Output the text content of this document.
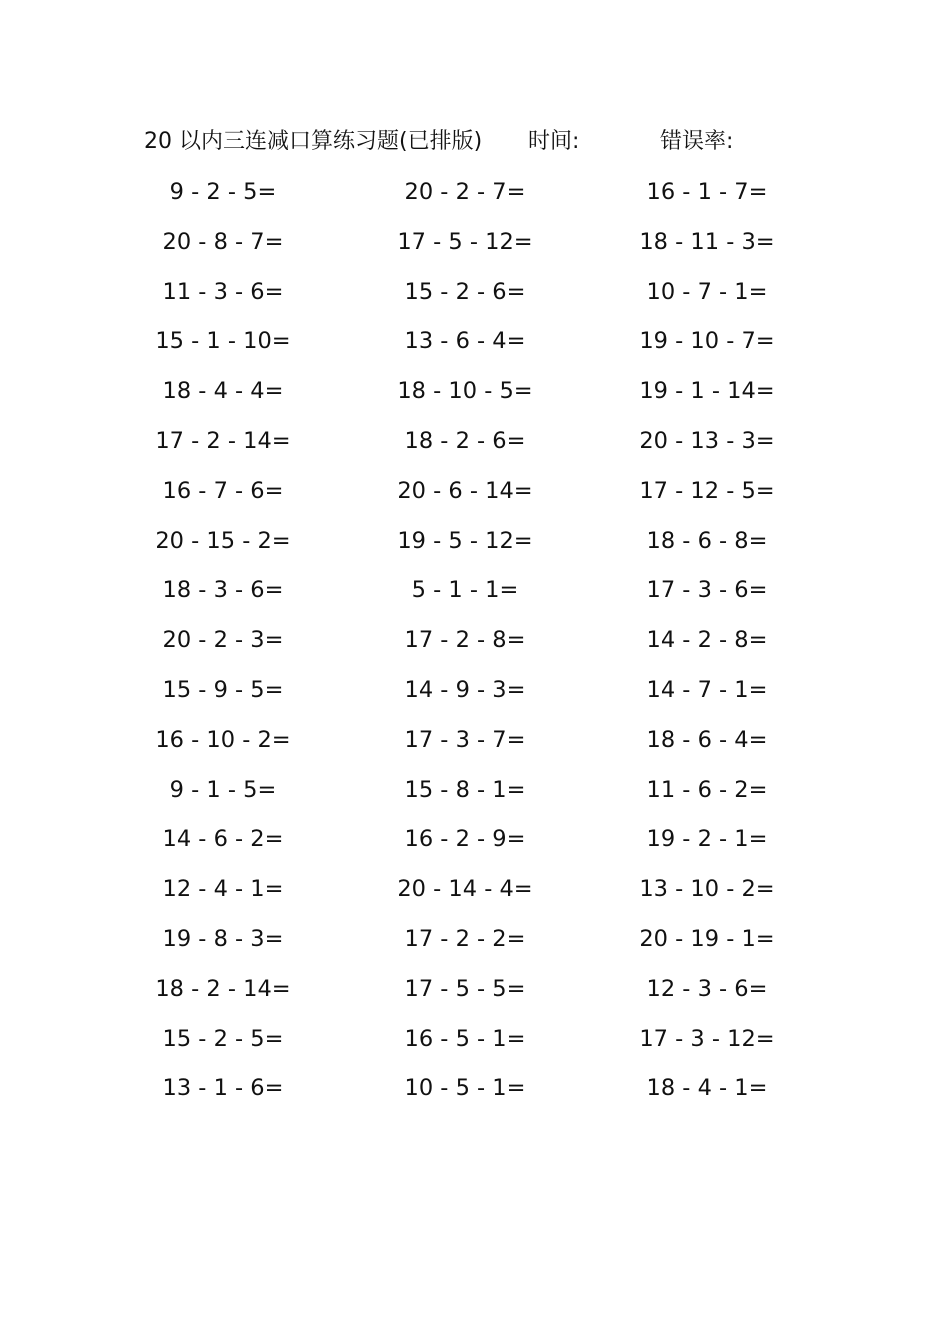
20 以内三连减口算练习题(已排版) 时间:	错误率:
9 - 2 - 5=	20 - 2 - 7=	16 - 1 - 7=
20 - 8 - 7=	17 - 5 - 12=	18 - 11 - 3=
11 - 3 - 6=	15 - 2 - 6=	10 - 7 - 1=
15 - 1 - 10=	13 - 6 - 4=	19 - 10 - 7=
18 - 4 - 4=	18 - 10 - 5=	19 - 1 - 14=
17 - 2 - 14=	18 - 2 - 6=	20 - 13 - 3=
16 - 7 - 6=	20 - 6 - 14=	17 - 12 - 5=
20 - 15 - 2=	19 - 5 - 12=	18 - 6 - 8=
18 - 3 - 6=	5 - 1 - 1=	17 - 3 - 6=
20 - 2 - 3=	17 - 2 - 8=	14 - 2 - 8=
15 - 9 - 5=	14 - 9 - 3=	14 - 7 - 1=
16 - 10 - 2=	17 - 3 - 7=	18 - 6 - 4=
9 - 1 - 5=	15 - 8 - 1=	11 - 6 - 2=
14 - 6 - 2=	16 - 2 - 9=	19 - 2 - 1=
12 - 4 - 1=	20 - 14 - 4=	13 - 10 - 2=
19 - 8 - 3=	17 - 2 - 2=	20 - 19 - 1=
18 - 2 - 14=	17 - 5 - 5=	12 - 3 - 6=
15 - 2 - 5=	16 - 5 - 1=	17 - 3 - 12=
13 - 1 - 6=	10 - 5 - 1=	18 - 4 - 1=
